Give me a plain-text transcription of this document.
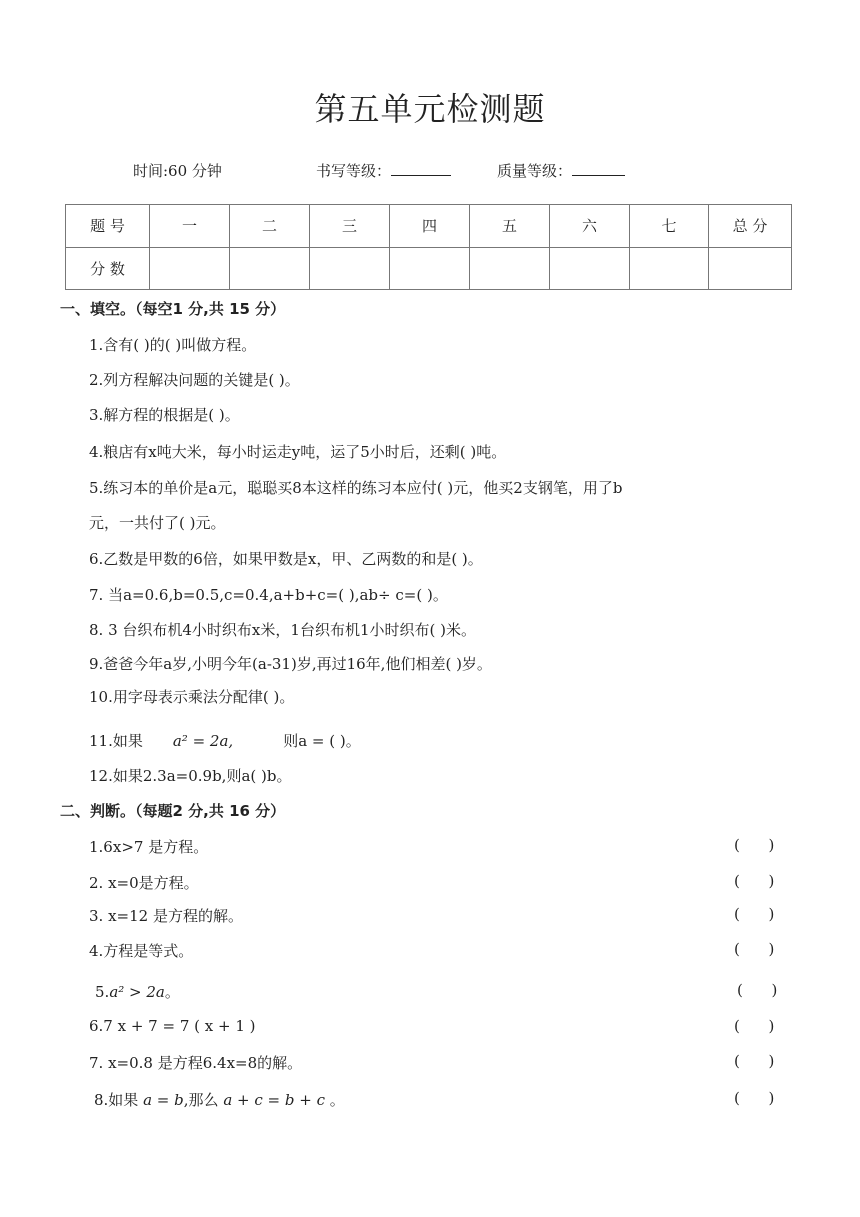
第五单元检测题
时间:60 分钟	书写等级：	质量等级：
题 号	一	二	三	四	五	六	七	总 分
分 数								
一、填空。（每空1 分,共 15 分）
1.含有( )的( )叫做方程。
2.列方程解决问题的关键是( )。
3.解方程的根据是( )。
4.粮店有x吨大米，每小时运走y吨，运了5小时后，还剩( )吨。
5.练习本的单价是a元，聪聪买8本这样的练习本应付( )元，他买2支钢笔，用了b
元，一共付了( )元。
6.乙数是甲数的6倍，如果甲数是x，甲、乙两数的和是( )。
7. 当a=0.6,b=0.5,c=0.4,a+b+c=( ),ab÷ c=( )。
8. 3 台织布机4小时织布x米，1台织布机1小时织布( )米。
9.爸爸今年a岁,小明今年(a-31)岁,再过16年,他们相差( )岁。
10.用字母表示乘法分配律( )。
11.如果 a² = 2a,	则a = ( )。
12.如果2.3a=0.9b,则a( )b。
二、判断。（每题2 分,共 16 分）
1.6x>7 是方程。	(      )
2. x=0是方程。	(      )
3. x=12 是方程的解。	(      )
4.方程是等式。	(      )
5.a² > 2a。	(      )
6.7 x + 7 = 7 ( x + 1 )	(      )
7. x=0.8 是方程6.4x=8的解。	(      )
8.如果 a = b,那么 a + c = b + c 。	(      )
